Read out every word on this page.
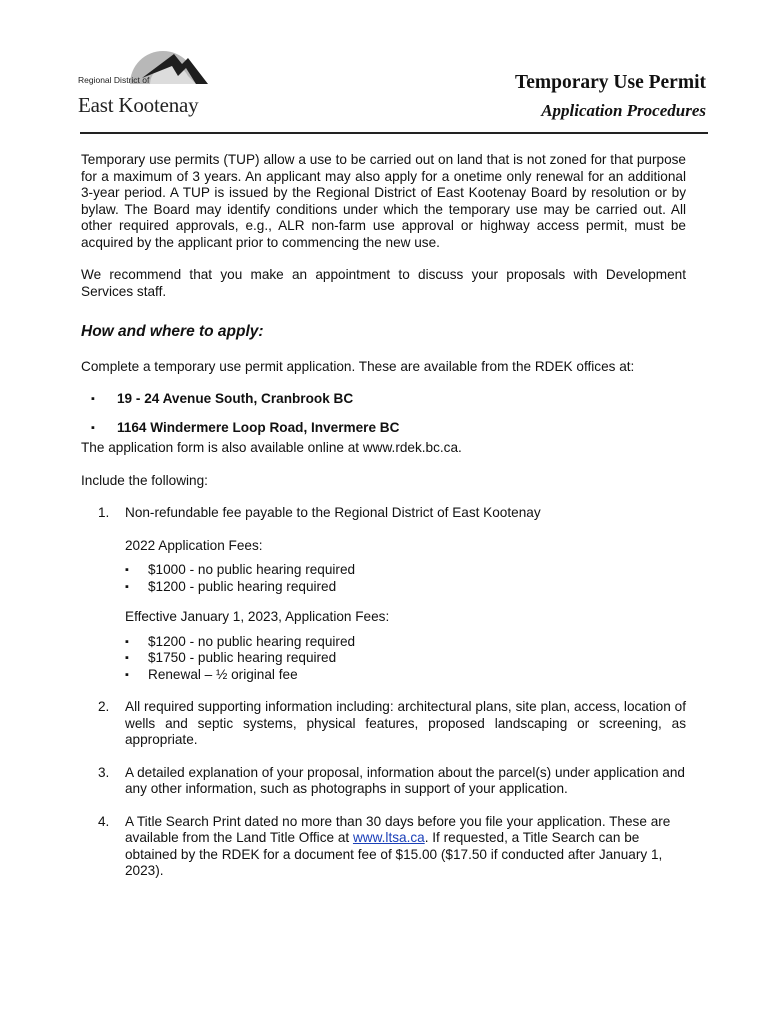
Regional District of
East Kootenay
Temporary Use Permit
Application Procedures

Temporary use permits (TUP) allow a use to be carried out on land that is not zoned for that purpose for a maximum of 3 years. An applicant may also apply for a onetime only renewal for an additional 3-year period. A TUP is issued by the Regional District of East Kootenay Board by resolution or by bylaw. The Board may identify conditions under which the temporary use may be carried out. All other required approvals, e.g., ALR non-farm use approval or highway access permit, must be acquired by the applicant prior to commencing the new use.

We recommend that you make an appointment to discuss your proposals with Development Services staff.

How and where to apply:

Complete a temporary use permit application. These are available from the RDEK offices at:

▪ 19 - 24 Avenue South, Cranbrook BC
▪ 1164 Windermere Loop Road, Invermere BC

The application form is also available online at www.rdek.bc.ca.

Include the following:

1. Non-refundable fee payable to the Regional District of East Kootenay

2022 Application Fees:

▪ $1000 - no public hearing required
▪ $1200 - public hearing required

Effective January 1, 2023, Application Fees:

▪ $1200 - no public hearing required
▪ $1750 - public hearing required
▪ Renewal – ½ original fee
2. All required supporting information including: architectural plans, site plan, access, location of wells and septic systems, physical features, proposed landscaping or screening, as appropriate.

3. A detailed explanation of your proposal, information about the parcel(s) under application and any other information, such as photographs in support of your application.

4. A Title Search Print dated no more than 30 days before you file your application. These are available from the Land Title Office at www.ltsa.ca. If requested, a Title Search can be obtained by the RDEK for a document fee of $15.00 ($17.50 if conducted after January 1, 2023).
